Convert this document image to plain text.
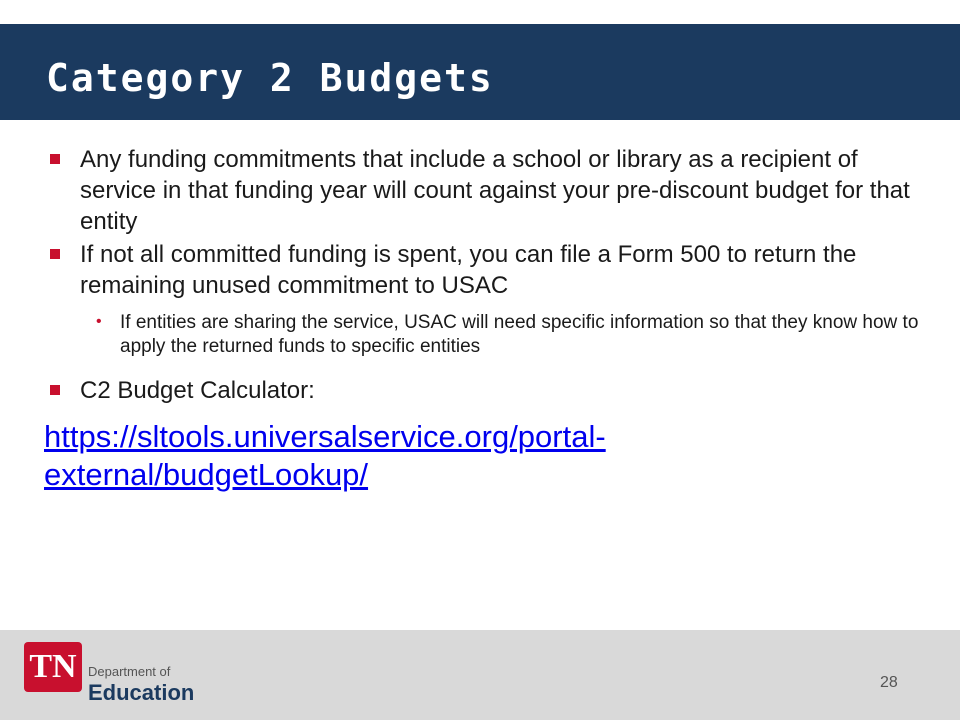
Category 2 Budgets
Any funding commitments that include a school or library as a recipient of service in that funding year will count against your pre-discount budget for that entity
If not all committed funding is spent, you can file a Form 500 to return the remaining unused commitment to USAC
• If entities are sharing the service, USAC will need specific information so that they know how to apply the returned funds to specific entities
C2 Budget Calculator:
https://sltools.universalservice.org/portal-external/budgetLookup/
TN Department of
Education	28
